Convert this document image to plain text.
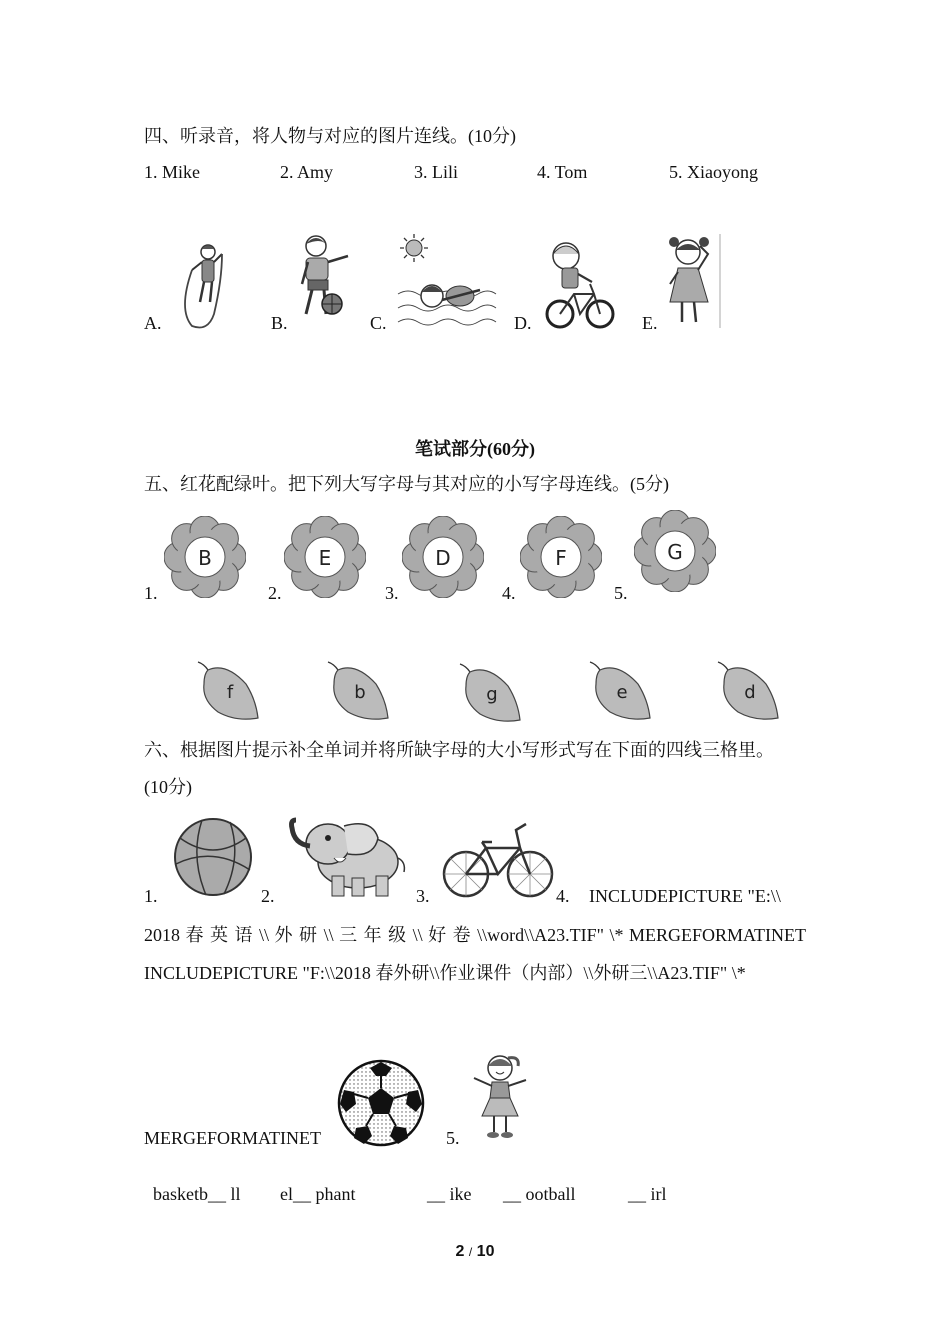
四、听录音，将人物与对应的图片连线。(10分)
1. Mike	2. Amy	3. Lili	4. Tom	5. Xiaoyong
A.	B.	C.	D.	E.
笔试部分(60分)
五、红花配绿叶。把下列大写字母与其对应的小写字母连线。(5分)
1.	2.	3.	4.	5.
B	E	D	F	G
f	b	g	e	d
六、根据图片提示补全单词并将所缺字母的大小写形式写在下面的四线三格里。
(10分)
1.	2.	3.	4. INCLUDEPICTURE "E:\\
2018 春 英 语 \\ 外 研 \\ 三 年 级 \\ 好 卷 \\word\\A23.TIF" \* MERGEFORMATINET
INCLUDEPICTURE "F:\\2018 春外研\\作业课件（内部）\\外研三\\A23.TIF" \*
MERGEFORMATINET	5.
basketb__ ll el__ phant	__ ike __ ootball	__ irl
2 / 10
